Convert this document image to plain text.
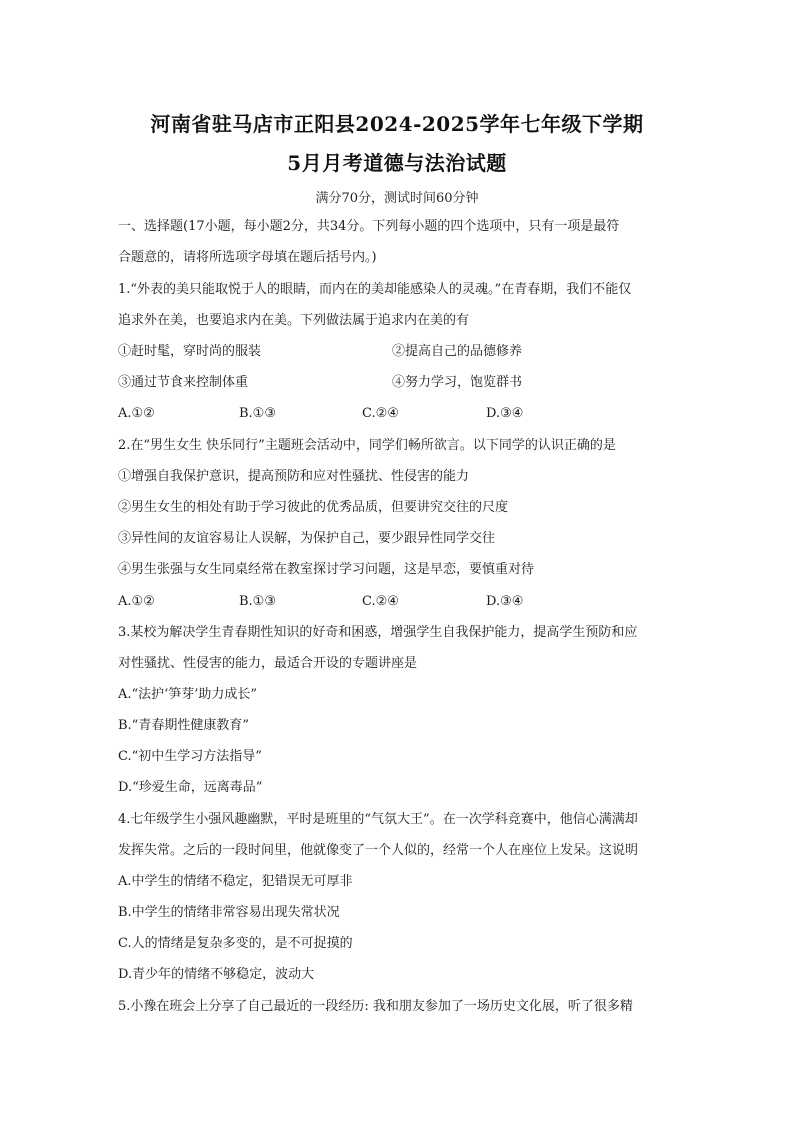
河南省驻马店市正阳县2024-2025学年七年级下学期
5月月考道德与法治试题
满分70分，测试时间60分钟
一、选择题(17小题，每小题2分，共34分。下列每小题的四个选项中，只有一项是最符
合题意的，请将所选项字母填在题后括号内。)
1.“外表的美只能取悦于人的眼睛，而内在的美却能感染人的灵魂。”在青春期，我们不能仅
追求外在美，也要追求内在美。下列做法属于追求内在美的有
①赶时髦，穿时尚的服装	②提高自己的品德修养
③通过节食来控制体重	④努力学习，饱览群书
A.①②	B.①③	C.②④	D.③④
2.在“男生女生 快乐同行”主题班会活动中，同学们畅所欲言。以下同学的认识正确的是
①增强自我保护意识，提高预防和应对性骚扰、性侵害的能力
②男生女生的相处有助于学习彼此的优秀品质，但要讲究交往的尺度
③异性间的友谊容易让人误解，为保护自己，要少跟异性同学交往
④男生张强与女生同桌经常在教室探讨学习问题，这是早恋，要慎重对待
A.①②	B.①③	C.②④	D.③④
3.某校为解决学生青春期性知识的好奇和困惑，增强学生自我保护能力，提高学生预防和应
对性骚扰、性侵害的能力，最适合开设的专题讲座是
A.“法护‘笋芽’助力成长”
B.“青春期性健康教育”
C.“初中生学习方法指导”
D.“珍爱生命，远离毒品”
4.七年级学生小强风趣幽默，平时是班里的“气氛大王”。在一次学科竞赛中，他信心满满却
发挥失常。之后的一段时间里，他就像变了一个人似的，经常一个人在座位上发呆。这说明
A.中学生的情绪不稳定，犯错误无可厚非
B.中学生的情绪非常容易出现失常状况
C.人的情绪是复杂多变的，是不可捉摸的
D.青少年的情绪不够稳定，波动大
5.小豫在班会上分享了自己最近的一段经历: 我和朋友参加了一场历史文化展，听了很多精
